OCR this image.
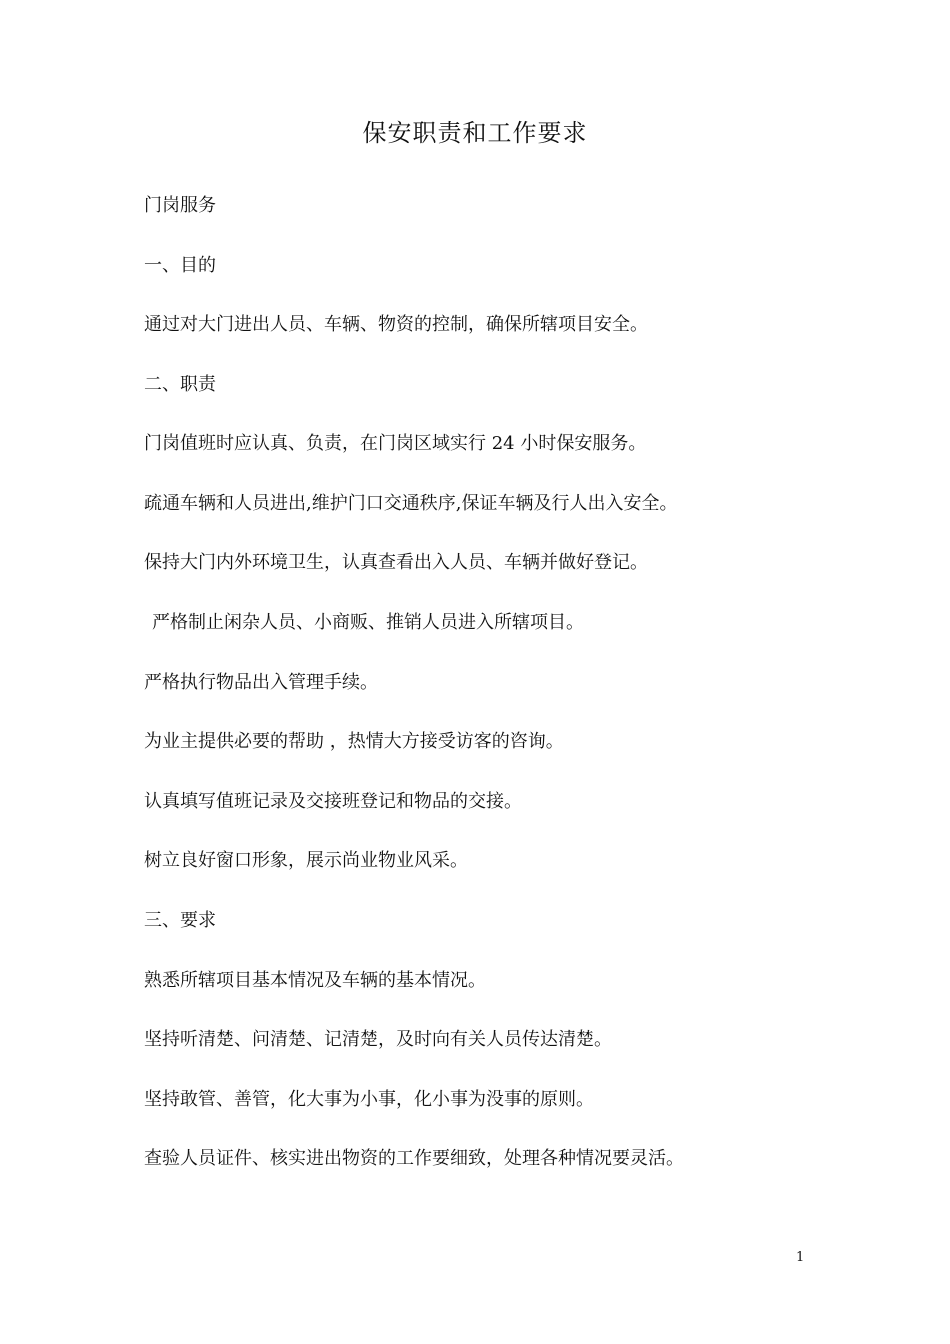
保安职责和工作要求
门岗服务
一、目的
通过对大门进出人员、车辆、物资的控制，确保所辖项目安全。
二、职责
门岗值班时应认真、负责，在门岗区域实行 24 小时保安服务。
疏通车辆和人员进出,维护门口交通秩序,保证车辆及行人出入安全。
保持大门内外环境卫生，认真查看出入人员、车辆并做好登记。
严格制止闲杂人员、小商贩、推销人员进入所辖项目。
严格执行物品出入管理手续。
为业主提供必要的帮助 ，热情大方接受访客的咨询。
认真填写值班记录及交接班登记和物品的交接。
树立良好窗口形象，展示尚业物业风采。
三、要求
熟悉所辖项目基本情况及车辆的基本情况。
坚持听清楚、问清楚、记清楚，及时向有关人员传达清楚。
坚持敢管、善管，化大事为小事，化小事为没事的原则。
查验人员证件、核实进出物资的工作要细致，处理各种情况要灵活。
1
